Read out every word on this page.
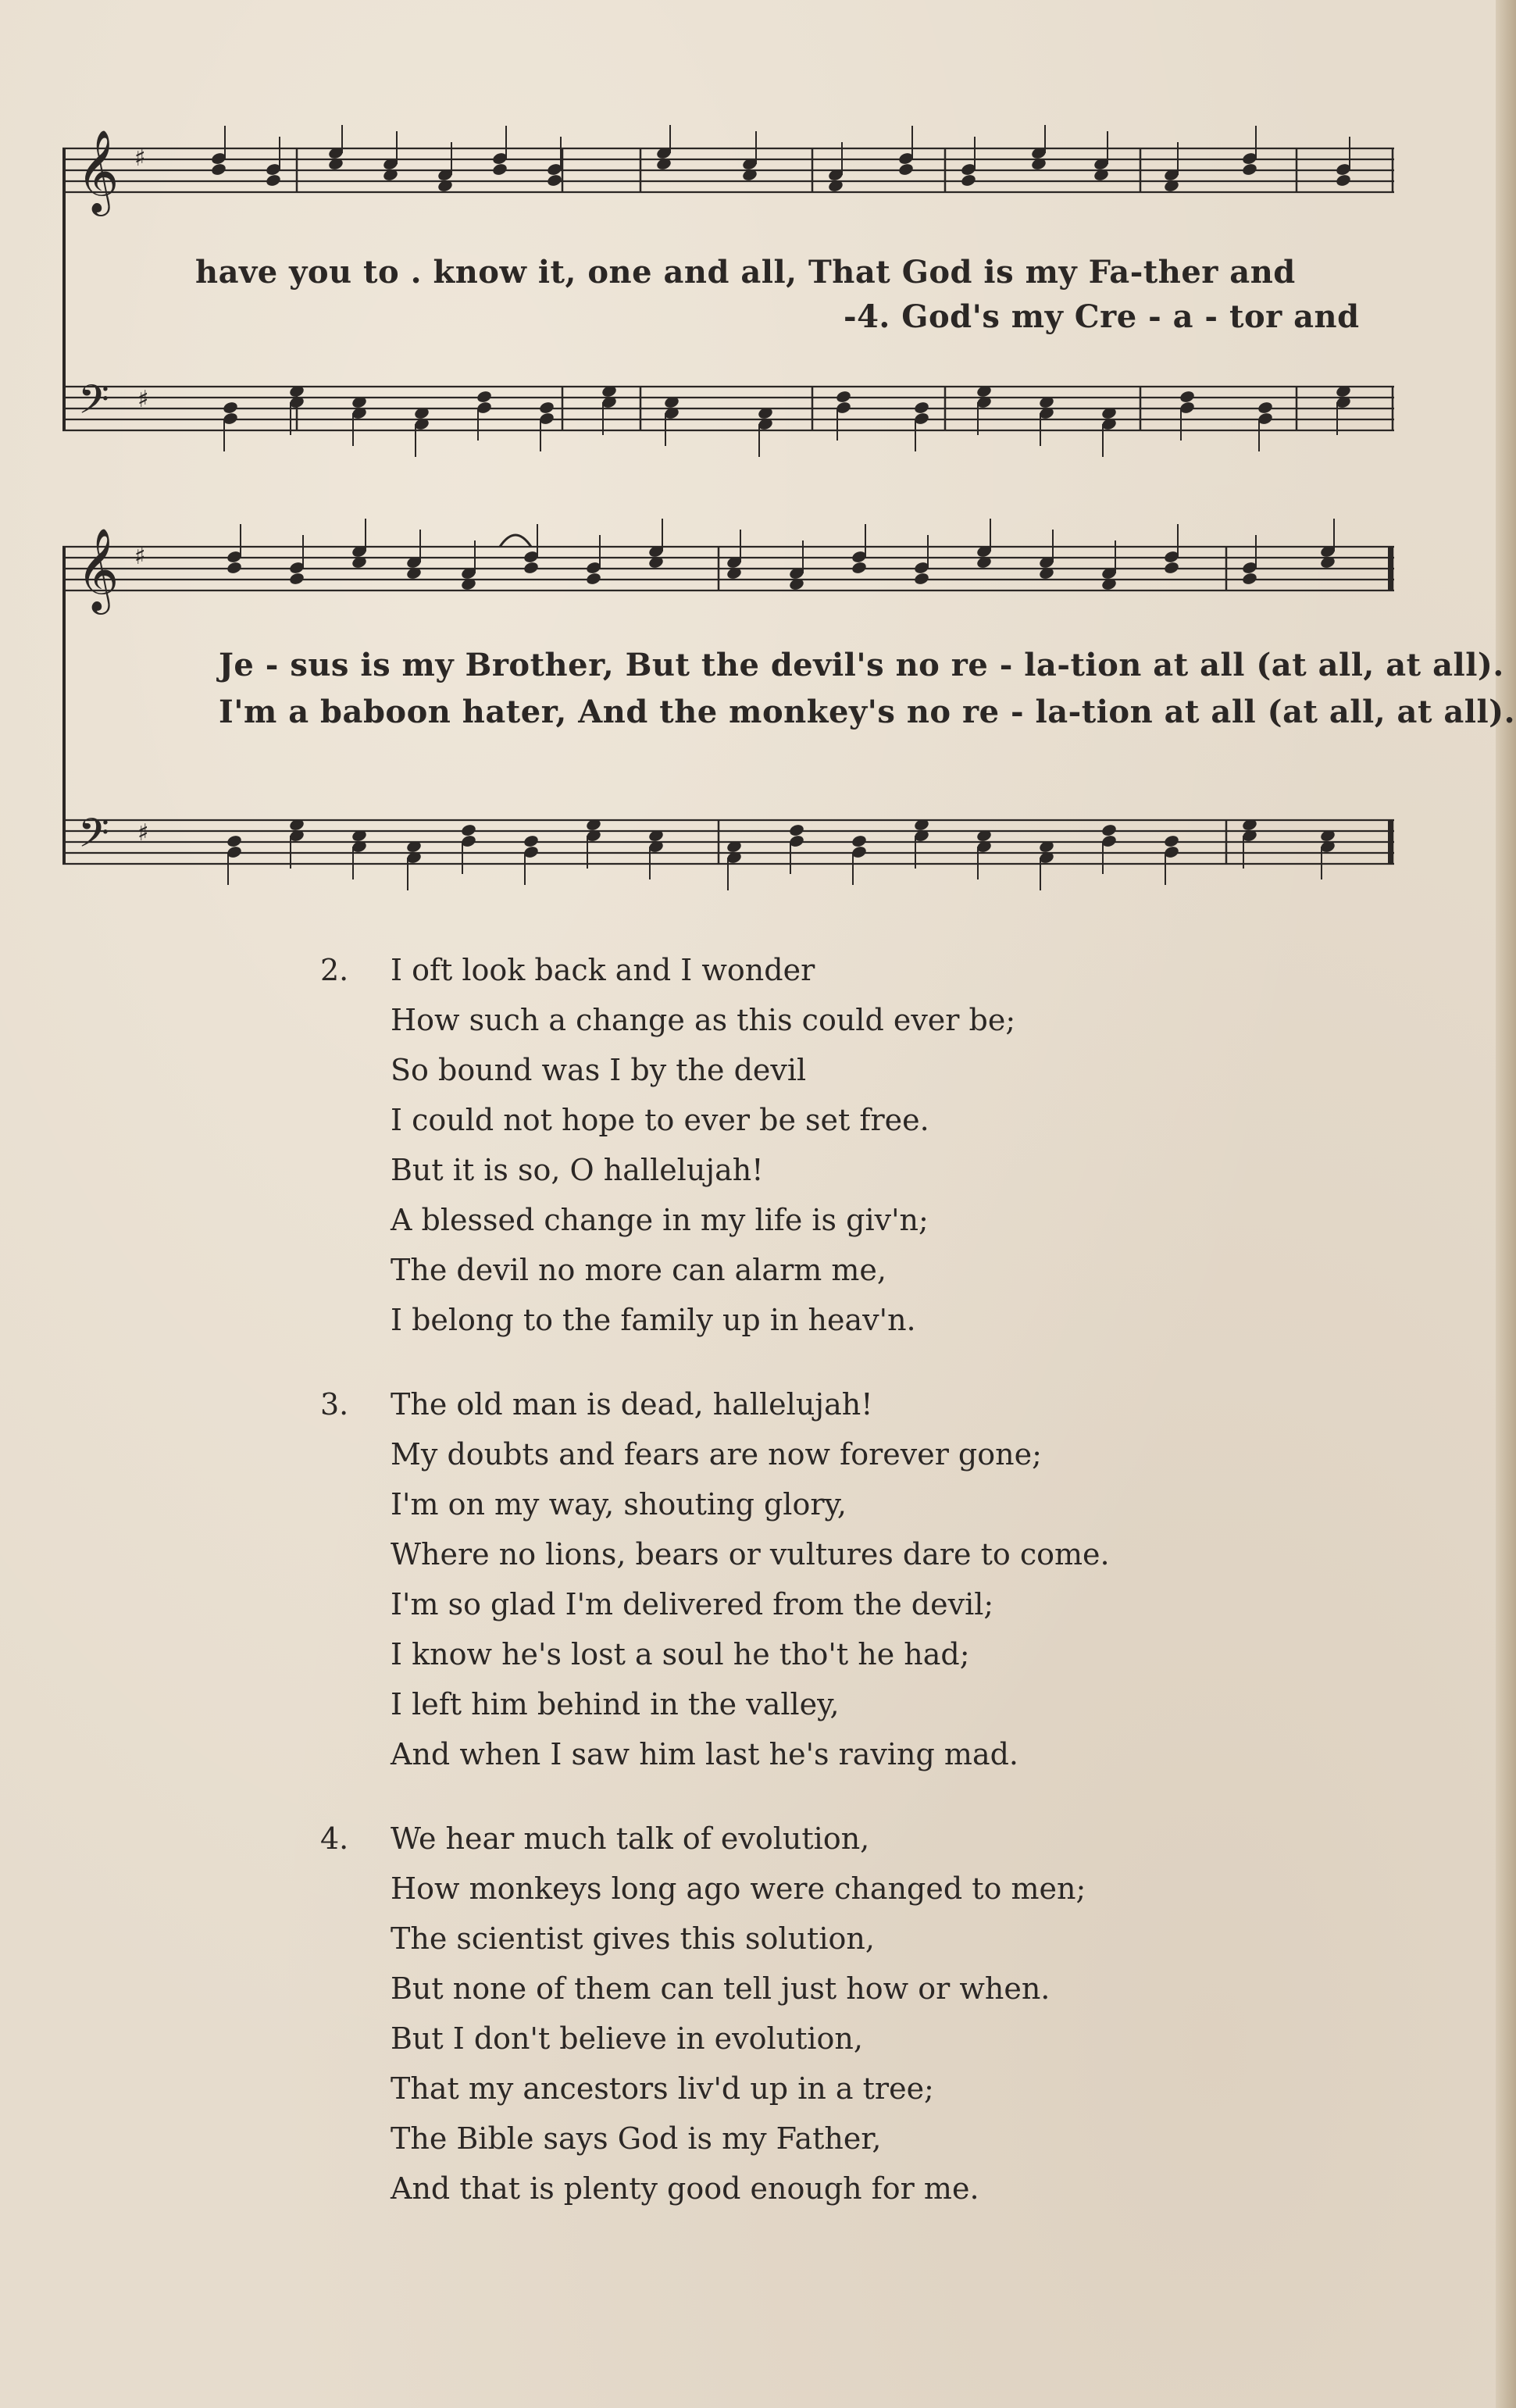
𝄞
𝄢
♯
♯
have you to . know it, one and all, That God is my Fa-ther and
-4. God's my Cre - a - tor and
𝄞
𝄢
♯
♯
Je - sus is my Brother, But the devil's no re - la-tion at all (at all, at all).
I'm a baboon hater, And the monkey's no re - la-tion at all (at all, at all).
2.	I oft look back and I wonder
How such a change as this could ever be;
So bound was I by the devil
I could not hope to ever be set free.
But it is so, O hallelujah!
A blessed change in my life is giv'n;
The devil no more can alarm me,
I belong to the family up in heav'n.
3.	The old man is dead, hallelujah!
My doubts and fears are now forever gone;
I'm on my way, shouting glory,
Where no lions, bears or vultures dare to come.
I'm so glad I'm delivered from the devil;
I know he's lost a soul he tho't he had;
I left him behind in the valley,
And when I saw him last he's raving mad.
4.	We hear much talk of evolution,
How monkeys long ago were changed to men;
The scientist gives this solution,
But none of them can tell just how or when.
But I don't believe in evolution,
That my ancestors liv'd up in a tree;
The Bible says God is my Father,
And that is plenty good enough for me.
